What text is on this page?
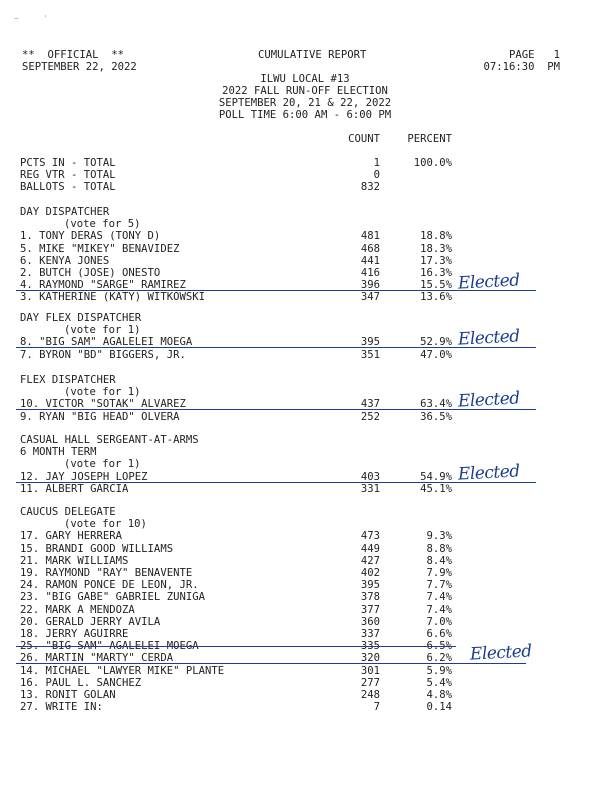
~     '
**  OFFICIAL  **
SEPTEMBER 22, 2022
CUMULATIVE REPORT	PAGE   1
07:16:30  PM
ILWU LOCAL #13
2022 FALL RUN-OFF ELECTION
SEPTEMBER 20, 21 & 22, 2022
POLL TIME 6:00 AM - 6:00 PM
COUNT	PERCENT
PCTS IN - TOTAL	1	100.0%
REG VTR - TOTAL	0
BALLOTS - TOTAL	832
DAY DISPATCHER
(vote for 5)
1. TONY DERAS (TONY D)	481	18.8%
5. MIKE "MIKEY" BENAVIDEZ	468	18.3%
6. KENYA JONES	441	17.3%
2. BUTCH (JOSE) ONESTO	416	16.3%
4. RAYMOND "SARGE" RAMIREZ	396	15.5%
3. KATHERINE (KATY) WITKOWSKI	347	13.6%
DAY FLEX DISPATCHER
(vote for 1)
8. "BIG SAM" AGALELEI MOEGA	395	52.9%
7. BYRON "BD" BIGGERS, JR.	351	47.0%
FLEX DISPATCHER
(vote for 1)
10. VICTOR "SOTAK" ALVAREZ	437	63.4%
9. RYAN "BIG HEAD" OLVERA	252	36.5%
CASUAL HALL SERGEANT-AT-ARMS
6 MONTH TERM
(vote for 1)
12. JAY JOSEPH LOPEZ	403	54.9%
11. ALBERT GARCIA	331	45.1%
CAUCUS DELEGATE
(vote for 10)
17. GARY HERRERA	473	9.3%
15. BRANDI GOOD WILLIAMS	449	8.8%
21. MARK WILLIAMS	427	8.4%
19. RAYMOND "RAY" BENAVENTE	402	7.9%
24. RAMON PONCE DE LEON, JR.	395	7.7%
23. "BIG GABE" GABRIEL ZUNIGA	378	7.4%
22. MARK A MENDOZA	377	7.4%
20. GERALD JERRY AVILA	360	7.0%
18. JERRY AGUIRRE	337	6.6%
25. "BIG SAM" AGALELEI MOEGA	335	6.5%
26. MARTIN "MARTY" CERDA	320	6.2%
14. MICHAEL "LAWYER MIKE" PLANTE	301	5.9%
16. PAUL L. SANCHEZ	277	5.4%
13. RONIT GOLAN	248	4.8%
27. WRITE IN:	7	0.14
Elected
Elected
Elected
Elected
Elected
